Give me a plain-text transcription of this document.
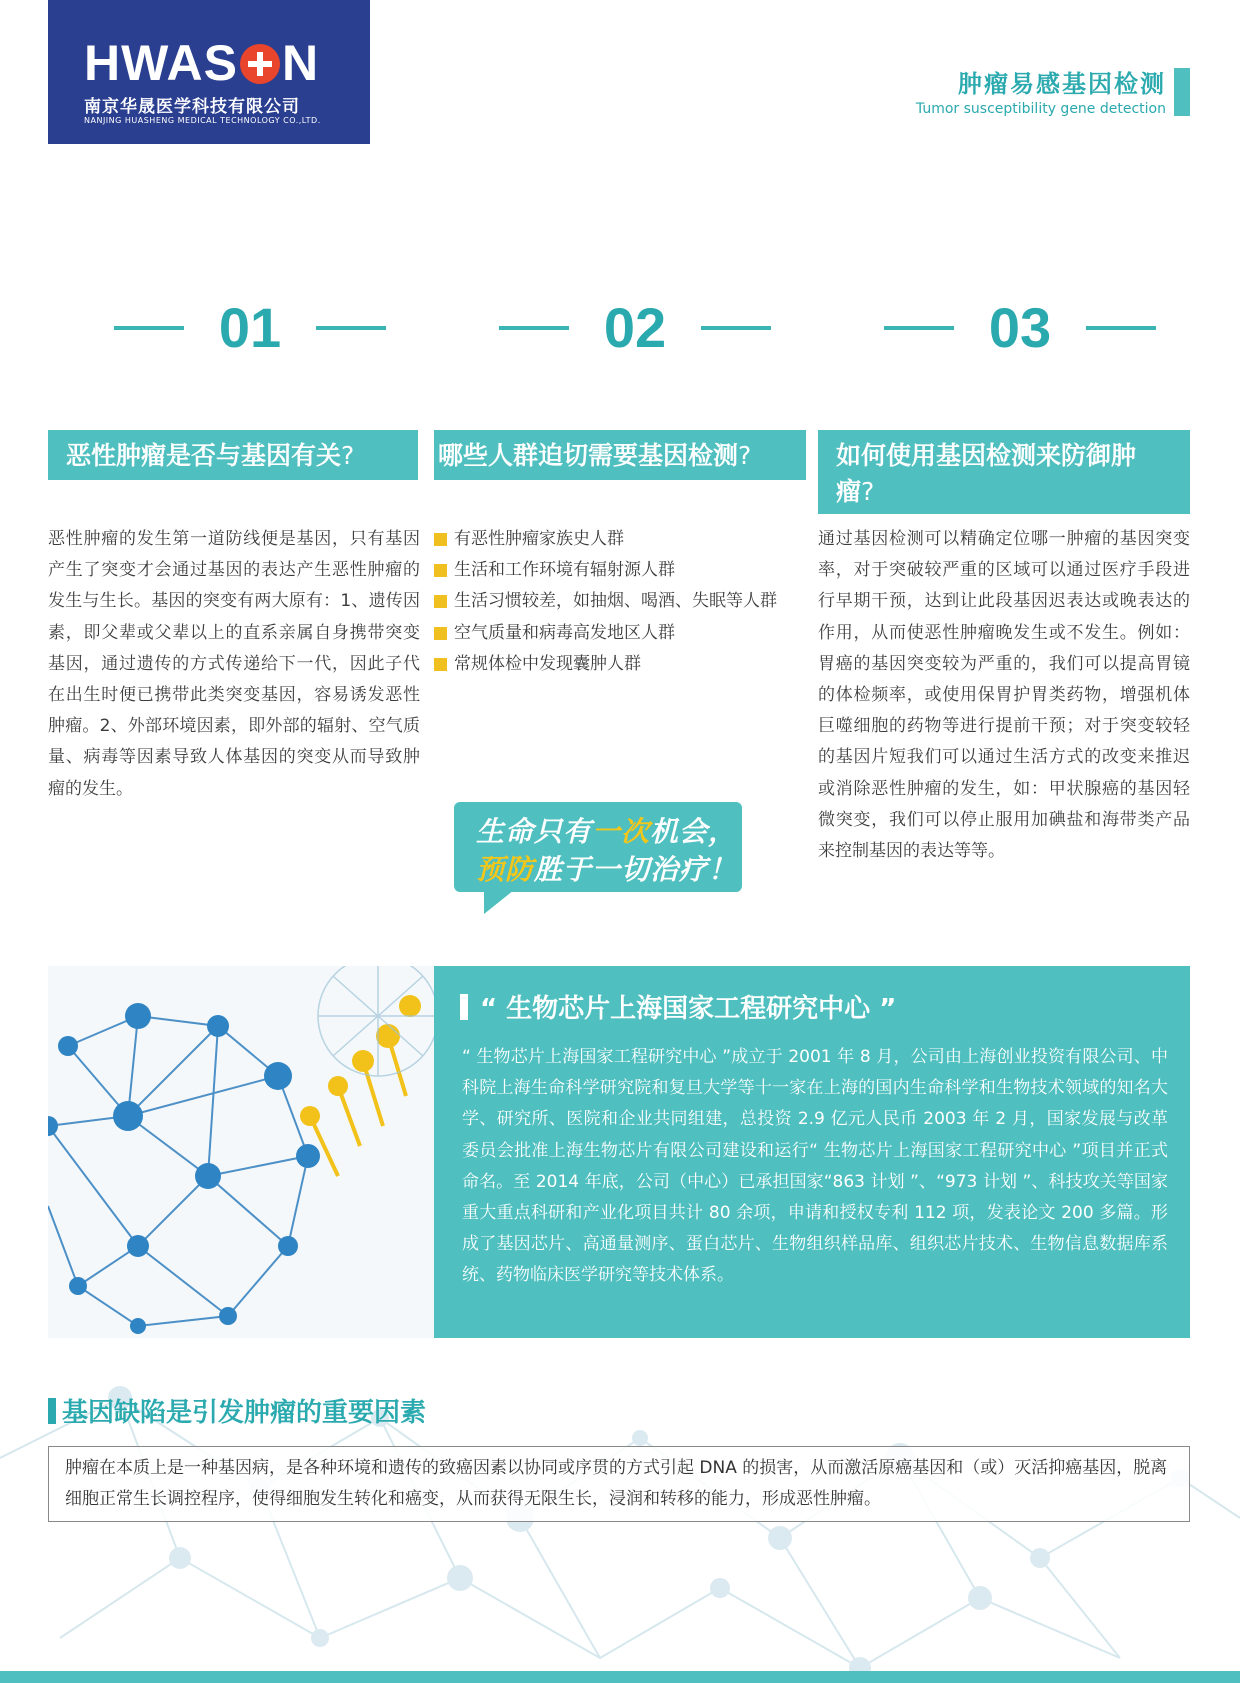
HWAS N
南京华晟医学科技有限公司
NANJING HUASHENG MEDICAL TECHNOLOGY CO.,LTD.
肿瘤易感基因检测
Tumor susceptibility gene detection
01	02	03
恶性肿瘤是否与基因有关?	哪些人群迫切需要基因检测?	如何使用基因检测来防御肿瘤?
恶性肿瘤的发生第一道防线便是基因，只有基因产生了突变才会通过基因的表达产生恶性肿瘤的发生与生长。基因的突变有两大原有：1、遗传因素，即父辈或父辈以上的直系亲属自身携带突变基因，通过遗传的方式传递给下一代，因此子代在出生时便已携带此类突变基因，容易诱发恶性肿瘤。2、外部环境因素，即外部的辐射、空气质量、病毒等因素导致人体基因的突变从而导致肿瘤的发生。
有恶性肿瘤家族史人群
生活和工作环境有辐射源人群
生活习惯较差，如抽烟、喝酒、失眠等人群
空气质量和病毒高发地区人群
常规体检中发现囊肿人群
通过基因检测可以精确定位哪一肿瘤的基因突变率，对于突破较严重的区域可以通过医疗手段进行早期干预，达到让此段基因迟表达或晚表达的作用，从而使恶性肿瘤晚发生或不发生。例如：胃癌的基因突变较为严重的，我们可以提高胃镜的体检频率，或使用保胃护胃类药物，增强机体巨噬细胞的药物等进行提前干预；对于突变较轻的基因片短我们可以通过生活方式的改变来推迟或消除恶性肿瘤的发生，如：甲状腺癌的基因轻微突变，我们可以停止服用加碘盐和海带类产品来控制基因的表达等等。
生命只有一次机会，
预防胜于一切治疗！
“ 生物芯片上海国家工程研究中心 ”
“ 生物芯片上海国家工程研究中心 ”成立于 2001 年 8 月，公司由上海创业投资有限公司、中科院上海生命科学研究院和复旦大学等十一家在上海的国内生命科学和生物技术领域的知名大学、研究所、医院和企业共同组建，总投资 2.9 亿元人民币 2003 年 2 月，国家发展与改革委员会批准上海生物芯片有限公司建设和运行“ 生物芯片上海国家工程研究中心 ”项目并正式命名。至 2014 年底，公司（中心）已承担国家“863 计划 ”、“973 计划 ”、科技攻关等国家重大重点科研和产业化项目共计 80 余项，申请和授权专利 112 项，发表论文 200 多篇。形成了基因芯片、高通量测序、蛋白芯片、生物组织样品库、组织芯片技术、生物信息数据库系统、药物临床医学研究等技术体系。
基因缺陷是引发肿瘤的重要因素
肿瘤在本质上是一种基因病，是各种环境和遗传的致癌因素以协同或序贯的方式引起 DNA 的损害，从而激活原癌基因和（或）灭活抑癌基因，脱离细胞正常生长调控程序，使得细胞发生转化和癌变，从而获得无限生长，浸润和转移的能力，形成恶性肿瘤。
